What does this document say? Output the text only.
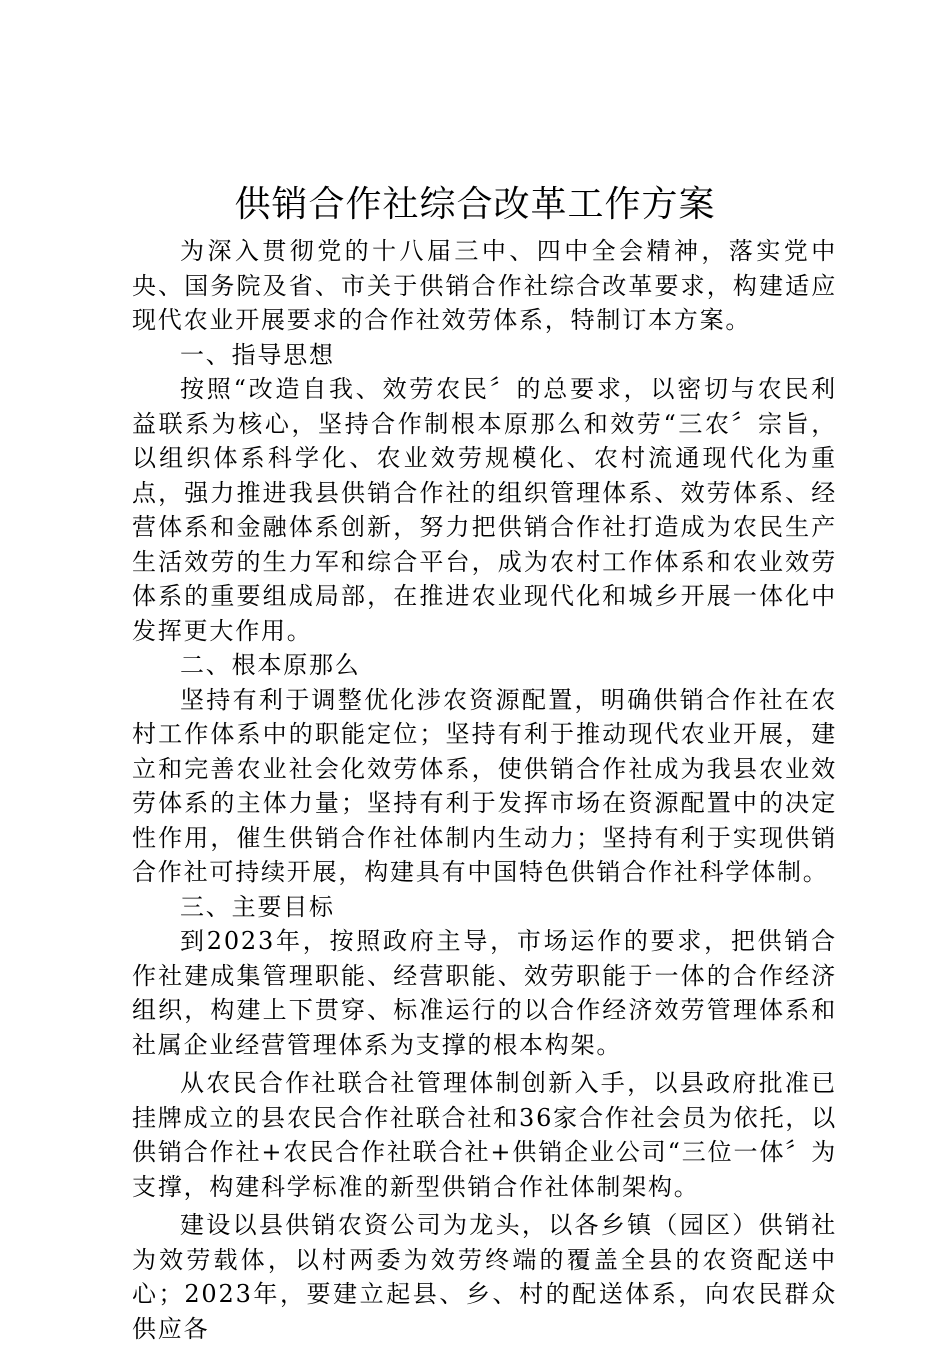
供销合作社综合改革工作方案

为深入贯彻党的十八届三中、四中全会精神，落实党中央、国务院及省、市关于供销合作社综合改革要求，构建适应现代农业开展要求的合作社效劳体系，特制订本方案。

一、指导思想

按照“改造自我、效劳农民〞的总要求，以密切与农民利益联系为核心，坚持合作制根本原那么和效劳“三农〞宗旨，以组织体系科学化、农业效劳规模化、农村流通现代化为重点，强力推进我县供销合作社的组织管理体系、效劳体系、经营体系和金融体系创新，努力把供销合作社打造成为农民生产生活效劳的生力军和综合平台，成为农村工作体系和农业效劳体系的重要组成局部，在推进农业现代化和城乡开展一体化中发挥更大作用。

二、根本原那么

坚持有利于调整优化涉农资源配置，明确供销合作社在农村工作体系中的职能定位；坚持有利于推动现代农业开展，建立和完善农业社会化效劳体系，使供销合作社成为我县农业效劳体系的主体力量；坚持有利于发挥市场在资源配置中的决定性作用，催生供销合作社体制内生动力；坚持有利于实现供销合作社可持续开展，构建具有中国特色供销合作社科学体制。

三、主要目标

到2023年，按照政府主导，市场运作的要求，把供销合作社建成集管理职能、经营职能、效劳职能于一体的合作经济组织，构建上下贯穿、标准运行的以合作经济效劳管理体系和社属企业经营管理体系为支撑的根本构架。

从农民合作社联合社管理体制创新入手，以县政府批准已挂牌成立的县农民合作社联合社和36家合作社会员为依托，以供销合作社+农民合作社联合社+供销企业公司“三位一体〞为支撑，构建科学标准的新型供销合作社体制架构。

建设以县供销农资公司为龙头，以各乡镇（园区）供销社为效劳载体，以村两委为效劳终端的覆盖全县的农资配送中心；2023年，要建立起县、乡、村的配送体系，向农民群众供应各
